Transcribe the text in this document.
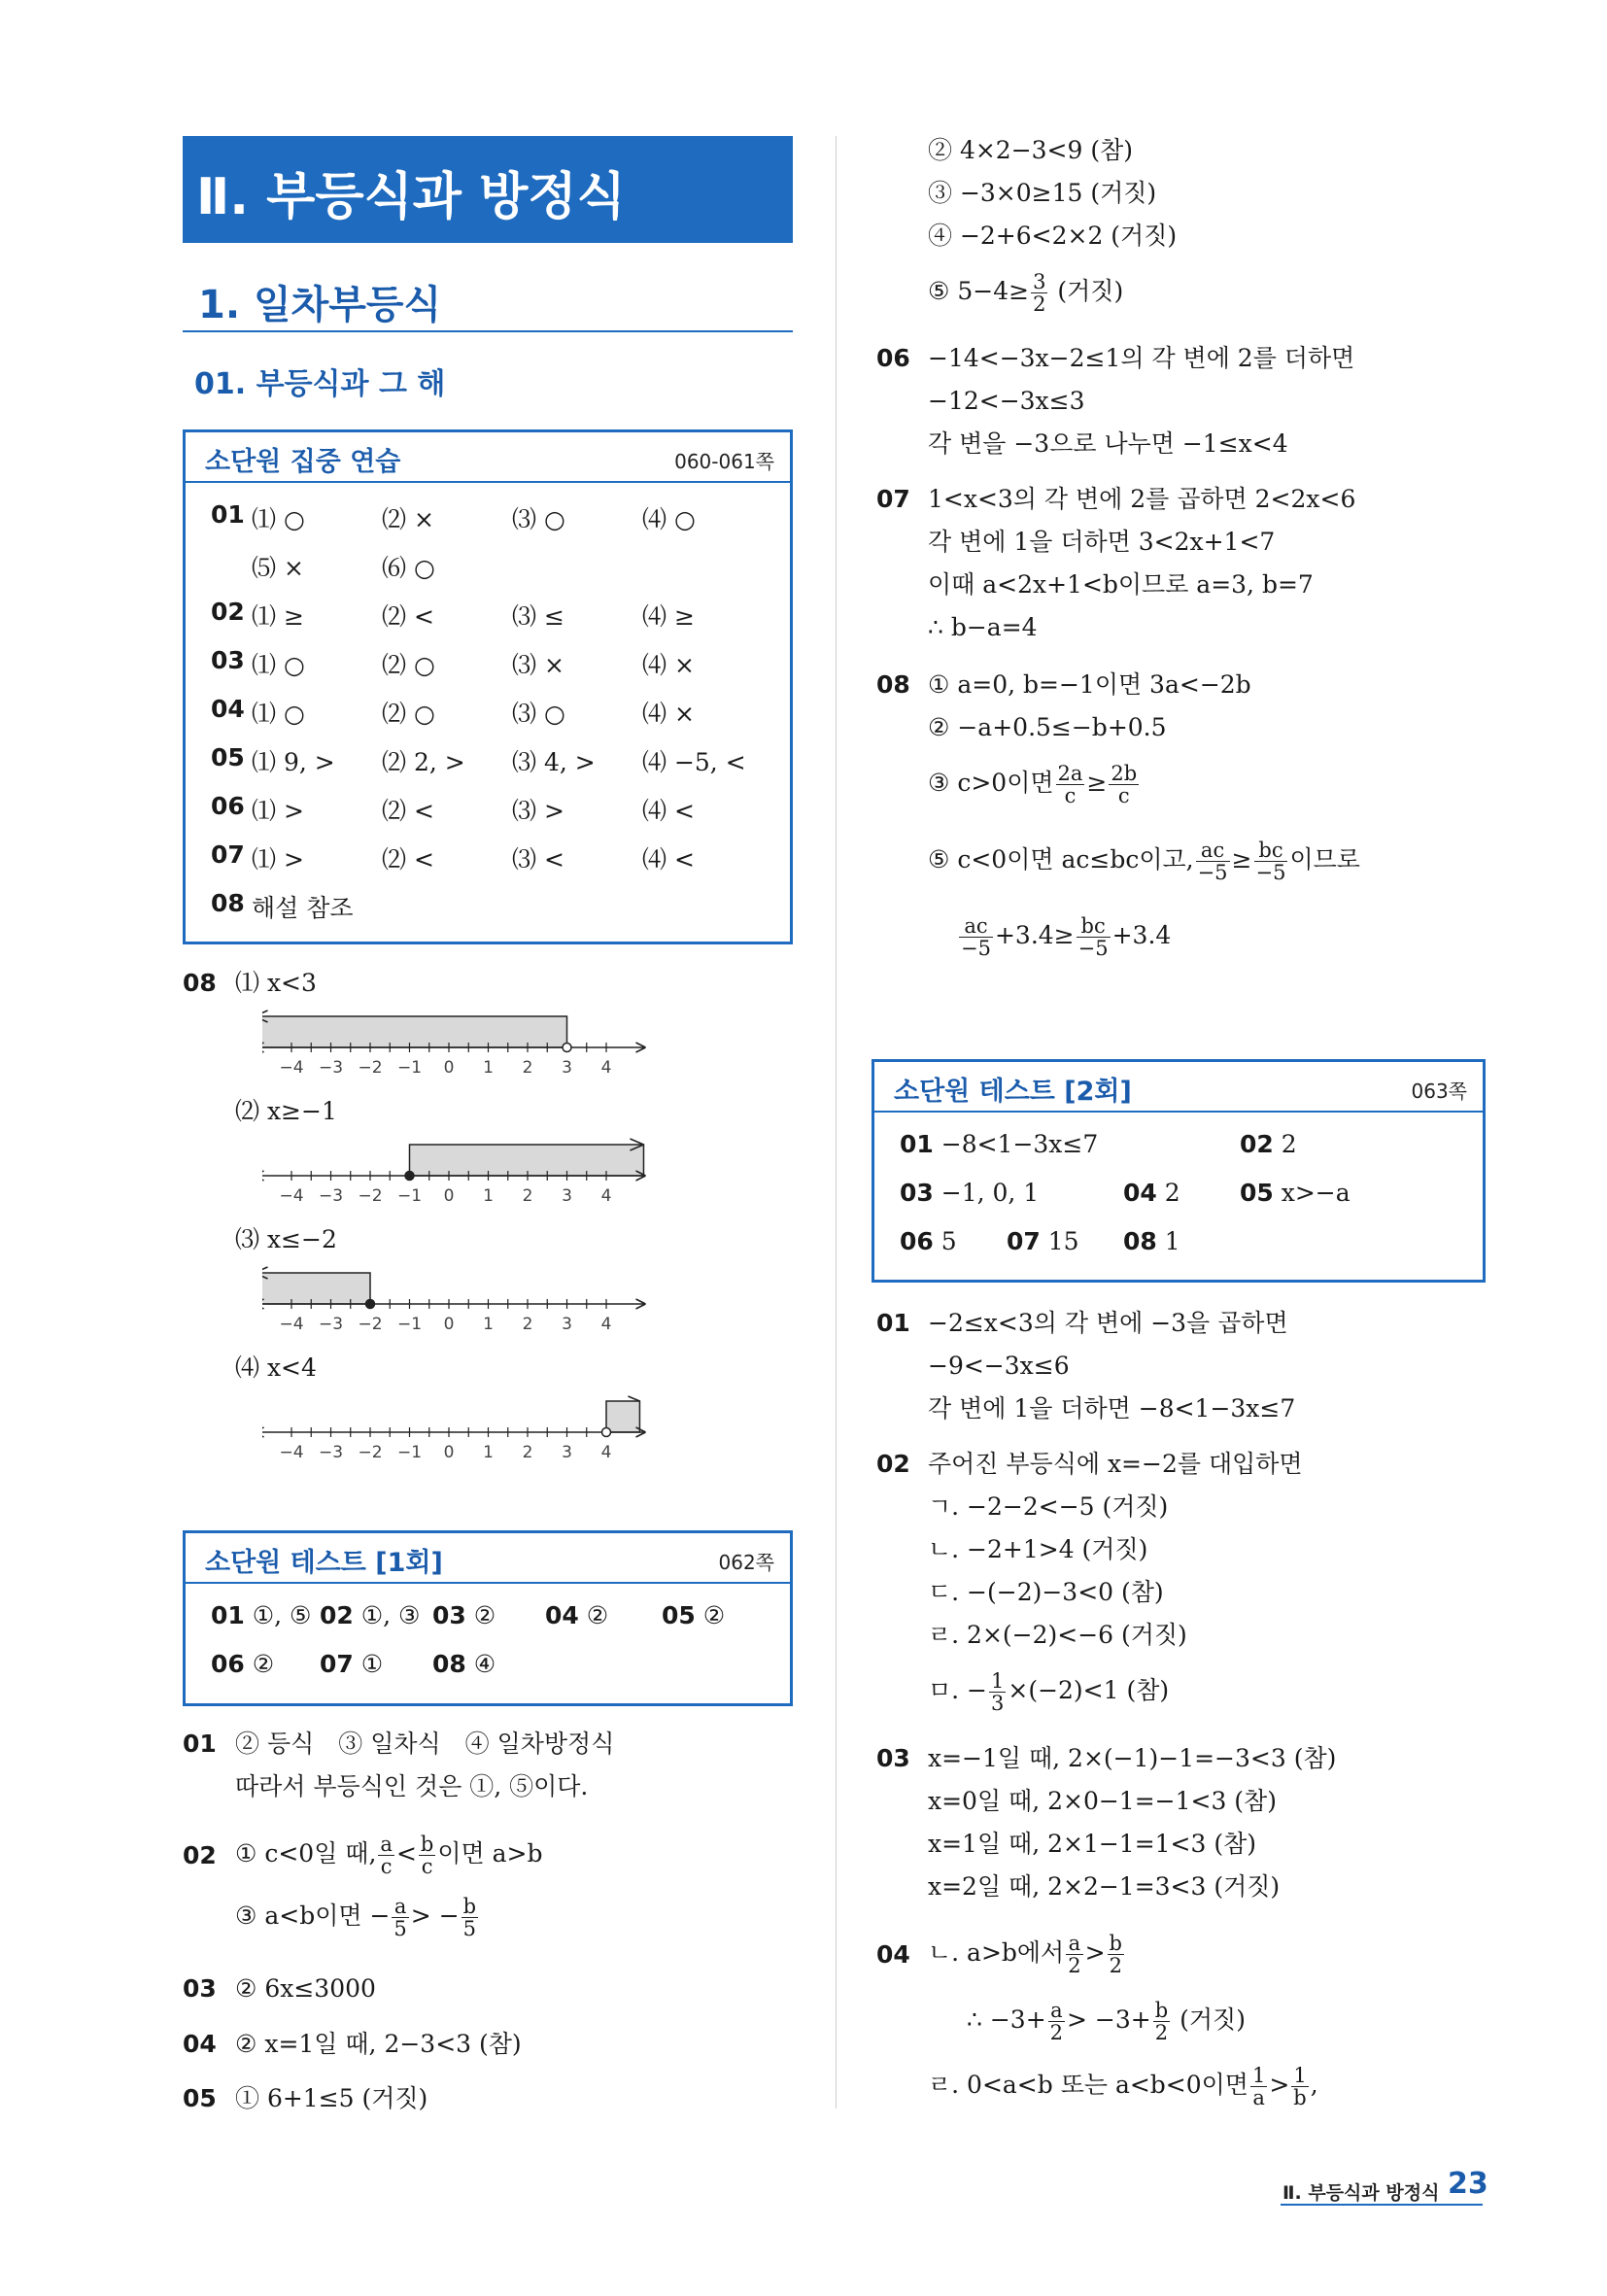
Ⅱ. 부등식과 방정식
1. 일차부등식
01. 부등식과 그 해
소단원 집중 연습	060-061쪽
01 ⑴ ○	⑵ ×	⑶ ○	⑷ ○
⑸ ×	⑹ ○
02 ⑴ ≥	⑵ <	⑶ ≤	⑷ ≥
03 ⑴ ○	⑵ ○	⑶ ×	⑷ ×
04 ⑴ ○	⑵ ○	⑶ ○	⑷ ×
05 ⑴ 9, > ⑵ 2, > ⑶ 4, > ⑷ −5, <
06 ⑴ >	⑵ <	⑶ >	⑷ <
07 ⑴ >	⑵ <	⑶ <	⑷ <
08 해설 참조
08 ⑴ x<3
⑵ x≥−1
⑶ x≤−2
⑷ x<4
−4 −3 −2 −1 0 1 2 3 4
−4 −3 −2 −1 0 1 2 3 4
−4 −3 −2 −1 0 1 2 3 4
−4 −3 −2 −1 0 1 2 3 4
소단원 테스트 [1회]	062쪽
01 ①, ⑤ 02 ①, ③ 03 ② 04 ② 05 ②
06 ② 07 ① 08 ④
01 ② 등식　③ 일차식　④ 일차방정식
따라서 부등식인 것은 ①, ⑤이다.
02 ① c<0일 때, $\frac{a}{c} < \frac{b}{c}$ 이면 a>b
③ a<b이면 − $\frac{a}{5}$ > − $\frac{b}{5}$
03 ② 6x≤3000
04 ② x=1일 때, 2−3<3 (참)
05 ① 6+1≤5 (거짓)
② 4×2−3<9 (참)
③ −3×0≥15 (거짓)
④ −2+6<2×2 (거짓)
⑤ $5-4\ge \frac{3}{2}$ (거짓)
06 −14<−3x−2≤1의 각 변에 2를 더하면
−12<−3x≤3
각 변을 −3으로 나누면 −1≤x<4
07 1<x<3의 각 변에 2를 곱하면 2<2x<6
각 변에 1을 더하면 3<2x+1<7
이때 a<2x+1<b이므로 a=3, b=7
∴ b−a=4
08 ① a=0, b=−1이면 3a<−2b
② −a+0.5≤−b+0.5
③ c>0이면 $\frac{2a}{c} \ge \frac{2b}{c}$
⑤ c<0이면 ac≤bc이고, $\frac{ac}{-5} \ge \frac{bc}{-5}$ 이므로
$\frac{ac}{-5}$ +3.4̇≥ $\frac{bc}{-5}$ +3.4̇
소단원 테스트 [2회]	063쪽
01 −8<1−3x≤7	02 2
03 −1, 0, 1	04 2 05 x>−a
06 5 07 15 08 1
01 −2≤x<3의 각 변에 −3을 곱하면
−9<−3x≤6
각 변에 1을 더하면 −8<1−3x≤7
02 주어진 부등식에 x=−2를 대입하면
ㄱ. −2−2<−5 (거짓)
ㄴ. −2+1>4 (거짓)
ㄷ. −(−2)−3<0 (참)
ㄹ. 2×(−2)<−6 (거짓)
ㅁ. − $\frac{1}{3} \times(-2)<1$ (참)
03 x=−1일 때, 2×(−1)−1=−3<3 (참)
x=0일 때, 2×0−1=−1<3 (참)
x=1일 때, 2×1−1=1<3 (참)
x=2일 때, 2×2−1=3<3 (거짓)
04 ㄴ. a>b에서 $\frac{a}{2} > \frac{b}{2}$
∴ $-3+ \frac{a}{2} > -3+ \frac{b}{2}$ (거짓)
ㄹ. 0<a<b 또는 a<b<0이면 $\frac{1}{a} > \frac{1}{b}$ ,
Ⅱ. 부등식과 방정식 23
